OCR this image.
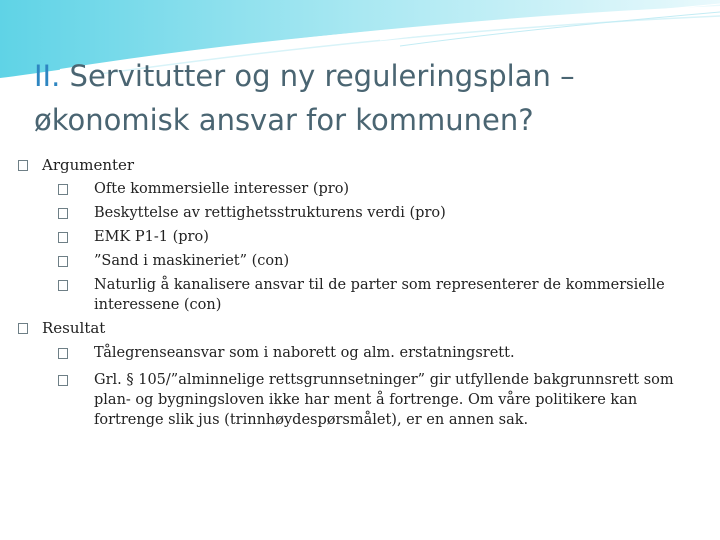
II. Servitutter og ny reguleringsplan – økonomisk ansvar for kommunen?

Argumenter

Ofte kommersielle interesser (pro)

Beskyttelse av rettighetsstrukturens verdi (pro)

EMK P1-1 (pro)

”Sand i maskineriet” (con)

Naturlig å kanalisere ansvar til de parter som representerer de kommersielle interessene (con)

Resultat

Tålegrenseansvar som i naborett og alm. erstatningsrett.

Grl. § 105/”alminnelige rettsgrunnsetninger” gir utfyllende bakgrunnsrett som plan- og bygningsloven ikke har ment å fortrenge. Om våre politikere kan fortrenge slik jus (trinnhøydespørsmålet), er en annen sak.
